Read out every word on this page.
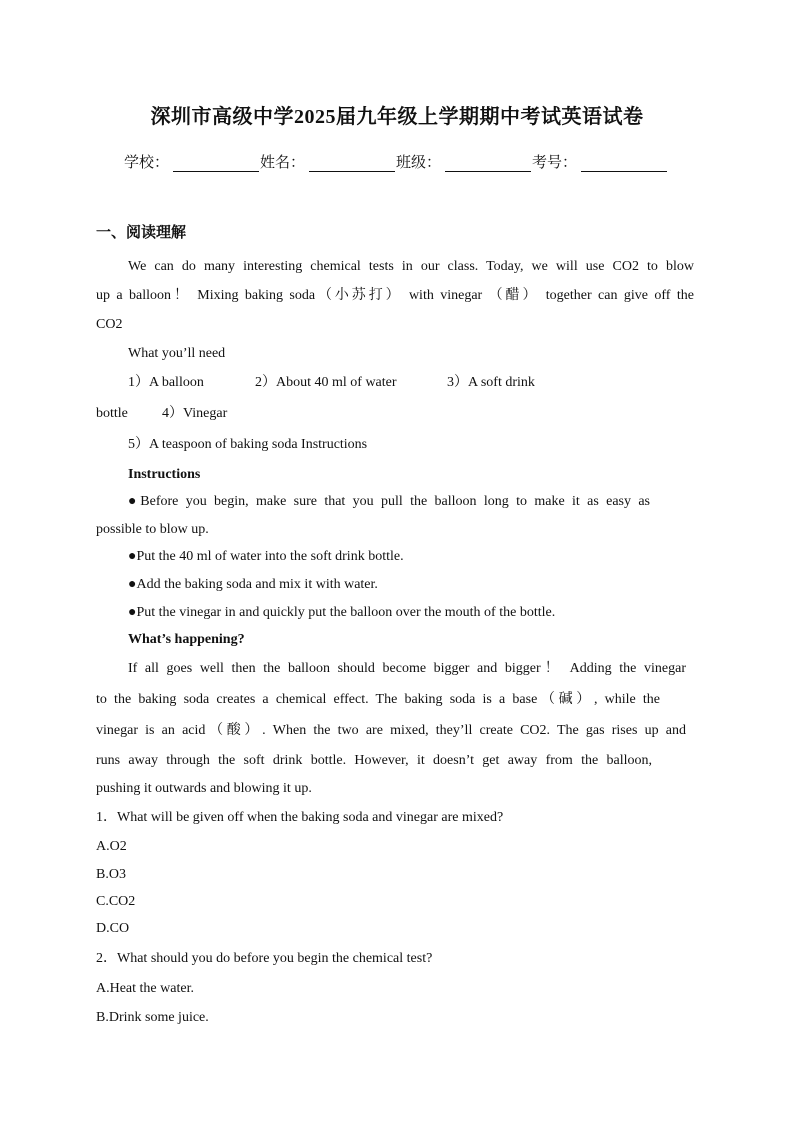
深圳市高级中学2025届九年级上学期期中考试英语试卷
学校：	姓名：	班级：	考号：
一、阅读理解
We can do many interesting chemical tests in our class. Today, we will use CO2 to blow
up a balloon！ Mixing baking soda（小苏打） with vinegar （醋） together can give off the
CO2
What you’ll need
1）A balloon	2）About 40 ml of water	3）A soft drink
bottle 4）Vinegar
5）A teaspoon of baking soda Instructions
Instructions
●Before you begin, make sure that you pull the balloon long to make it as easy as
possible to blow up.
●Put the 40 ml of water into the soft drink bottle.
●Add the baking soda and mix it with water.
●Put the vinegar in and quickly put the balloon over the mouth of the bottle.
What’s happening?
If all goes well then the balloon should become bigger and bigger！ Adding the vinegar
to the baking soda creates a chemical effect. The baking soda is a base（碱）, while the
vinegar is an acid（酸）. When the two are mixed, they’ll create CO2. The gas rises up and
runs away through the soft drink bottle. However, it doesn’t get away from the balloon,
pushing it outwards and blowing it up.
1．What will be given off when the baking soda and vinegar are mixed?
A.O2
B.O3
C.CO2
D.CO
2．What should you do before you begin the chemical test?
A.Heat the water.
B.Drink some juice.
